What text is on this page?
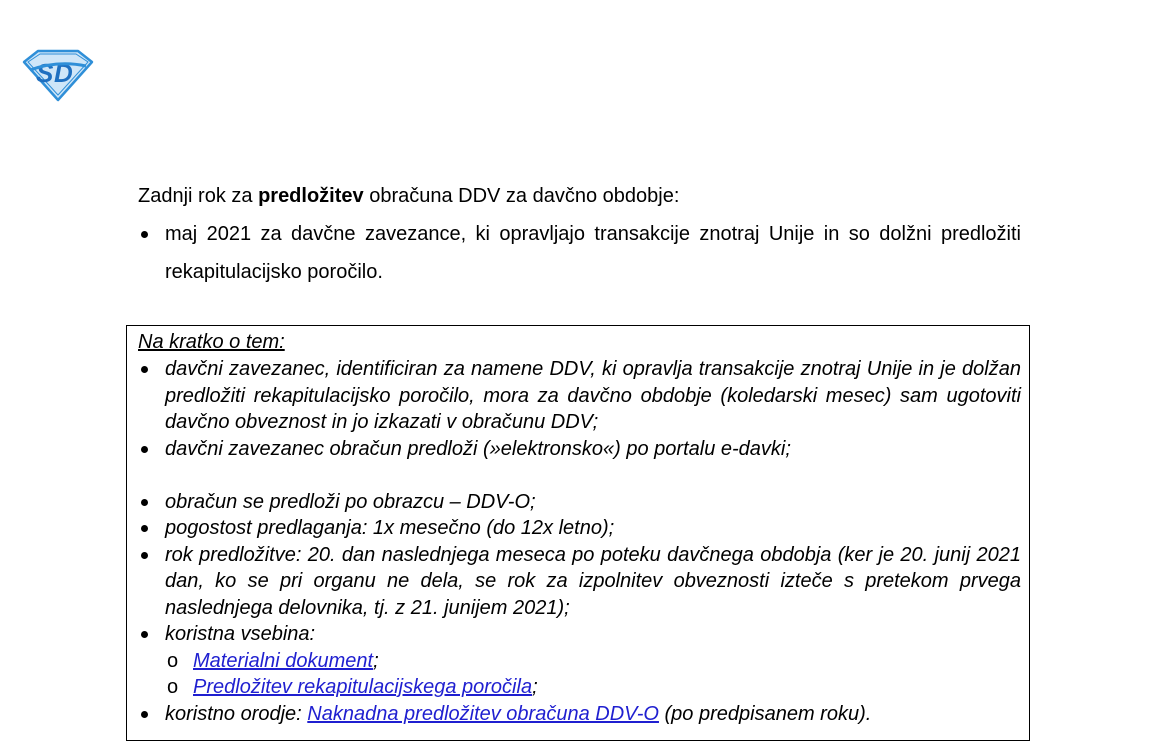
S D

Zadnji rok za predložitev obračuna DDV za davčno obdobje:

maj 2021 za davčne zavezance, ki opravljajo transakcije znotraj Unije in so dolžni predložiti rekapitulacijsko poročilo.
Na kratko o tem:
davčni zavezanec, identificiran za namene DDV, ki opravlja transakcije znotraj Unije in je dolžan predložiti rekapitulacijsko poročilo, mora za davčno obdobje (koledarski mesec) sam ugotoviti davčno obveznost in jo izkazati v obračunu DDV;
davčni zavezanec obračun predloži (»elektronsko«) po portalu e-davki;
obračun se predloži po obrazcu – DDV-O;
pogostost predlaganja: 1x mesečno (do 12x letno);
rok predložitve: 20. dan naslednjega meseca po poteku davčnega obdobja (ker je 20. junij 2021 dan, ko se pri organu ne dela, se rok za izpolnitev obveznosti izteče s pretekom prvega naslednjega delovnika, tj. z 21. junijem 2021);
koristna vsebina:
o Materialni dokument;
o Predložitev rekapitulacijskega poročila;
koristno orodje: Naknadna predložitev obračuna DDV-O (po predpisanem roku).
